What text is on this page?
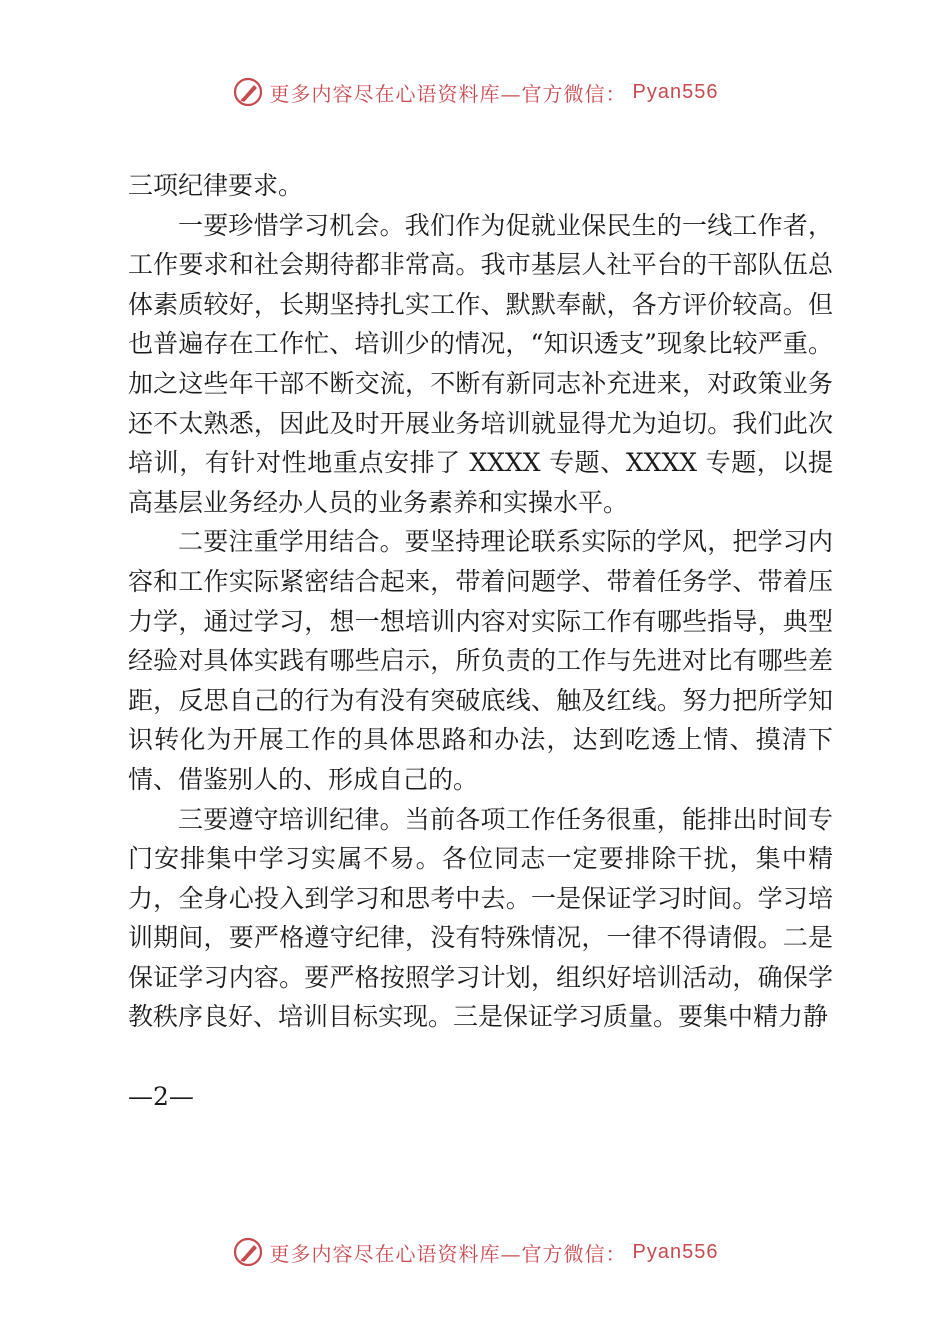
更多内容尽在心语资料库—官方微信： Pyan556

三项纪律要求。

一要珍惜学习机会。我们作为促就业保民生的一线工作者，工作要求和社会期待都非常高。我市基层人社平台的干部队伍总体素质较好，长期坚持扎实工作、默默奉献，各方评价较高。但也普遍存在工作忙、培训少的情况，“知识透支”现象比较严重。加之这些年干部不断交流，不断有新同志补充进来，对政策业务还不太熟悉，因此及时开展业务培训就显得尤为迫切。我们此次培训，有针对性地重点安排了 XXXX 专题、XXXX 专题，以提高基层业务经办人员的业务素养和实操水平。

二要注重学用结合。要坚持理论联系实际的学风，把学习内容和工作实际紧密结合起来，带着问题学、带着任务学、带着压力学，通过学习，想一想培训内容对实际工作有哪些指导，典型经验对具体实践有哪些启示，所负责的工作与先进对比有哪些差距，反思自己的行为有没有突破底线、触及红线。努力把所学知识转化为开展工作的具体思路和办法，达到吃透上情、摸清下情、借鉴别人的、形成自己的。

三要遵守培训纪律。当前各项工作任务很重，能排出时间专门安排集中学习实属不易。各位同志一定要排除干扰，集中精力，全身心投入到学习和思考中去。一是保证学习时间。学习培训期间，要严格遵守纪律，没有特殊情况，一律不得请假。二是保证学习内容。要严格按照学习计划，组织好培训活动，确保学教秩序良好、培训目标实现。三是保证学习质量。要集中精力静

—2—
更多内容尽在心语资料库—官方微信： Pyan556
